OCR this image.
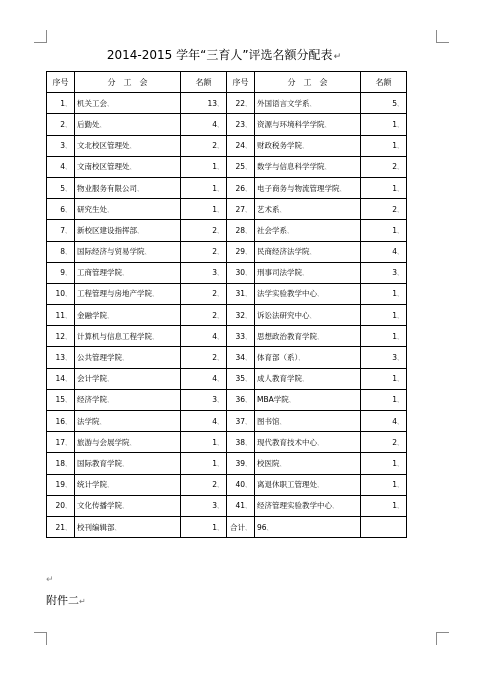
2014-2015 学年“三育人”评选名额分配表↵
序号	分　工　会	名额	序号	分　工　会	名额
1、	机关工会、	13、	22、	外国语言文学系、	5、
2、	后勤处、	4、	23、	资源与环境科学学院、	1、
3、	文北校区管理处、	2、	24、	财政税务学院、	1、
4、	文南校区管理处、	1、	25、	数学与信息科学学院、	2、
5、	物业服务有限公司、	1、	26、	电子商务与物流管理学院、	1、
6、	研究生处、	1、	27、	艺术系、	2、
7、	新校区建设指挥部、	2、	28、	社会学系、	1、
8、	国际经济与贸易学院、	2、	29、	民商经济法学院、	4、
9、	工商管理学院、	3、	30、	刑事司法学院、	3、
10、	工程管理与房地产学院、	2、	31、	法学实验教学中心、	1、
11、	金融学院、	2、	32、	诉讼法研究中心、	1、
12、	计算机与信息工程学院、	4、	33、	思想政治教育学院、	1、
13、	公共管理学院、	2、	34、	体育部（系）、	3、
14、	会计学院、	4、	35、	成人教育学院、	1、
15、	经济学院、	3、	36、	MBA学院、	1、
16、	法学院、	4、	37、	图书馆、	4、
17、	旅游与会展学院、	1、	38、	现代教育技术中心、	2、
18、	国际教育学院、	1、	39、	校医院、	1、
19、	统计学院、	2、	40、	离退休职工管理处、	1、
20、	文化传播学院、	3、	41、	经济管理实验教学中心、	1、
21、	校刊编辑部、	1、	合计、	96、	
↵
附件二↵
